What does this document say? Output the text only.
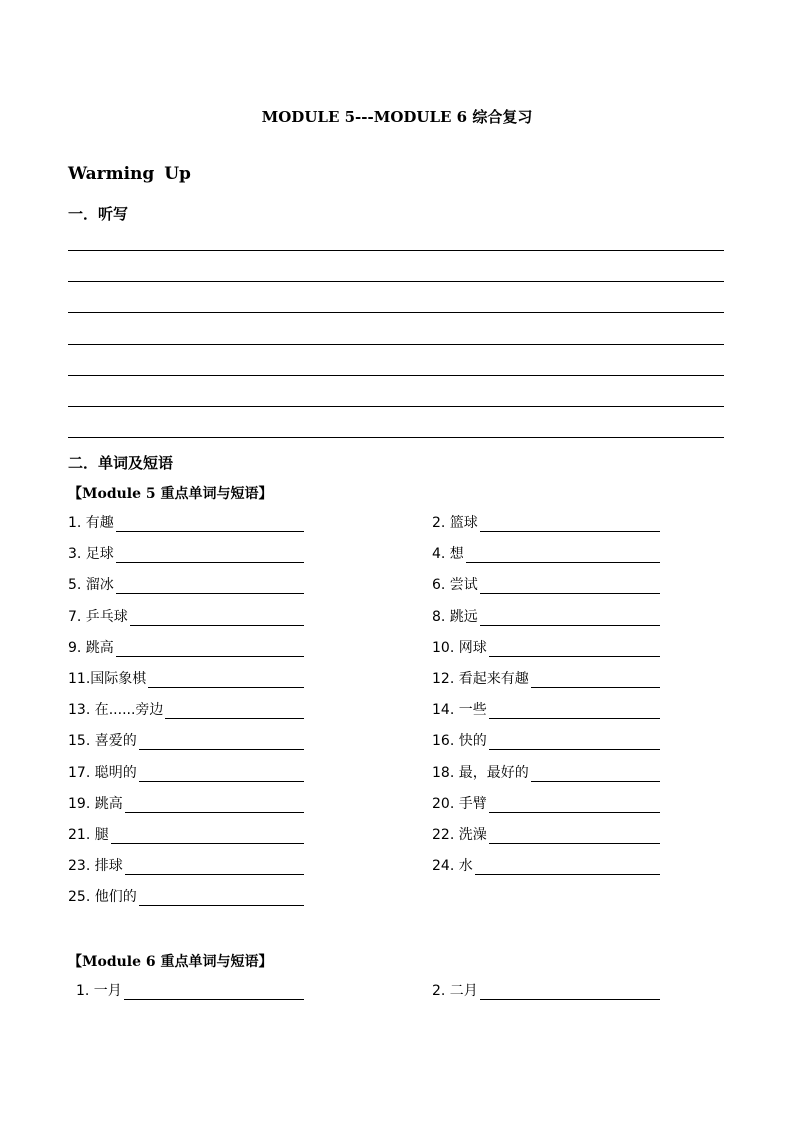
MODULE 5---MODULE 6 综合复习
Warming Up
一．听写
二．单词及短语
【Module 5 重点单词与短语】
1. 有趣	2. 篮球
3. 足球	4. 想
5. 溜冰	6. 尝试
7. 乒乓球	8. 跳远
9. 跳高	10. 网球
11.国际象棋	12. 看起来有趣
13. 在......旁边	14. 一些
15. 喜爱的	16. 快的
17. 聪明的	18. 最，最好的
19. 跳高	20. 手臂
21. 腿	22. 洗澡
23. 排球	24. 水
25. 他们的
【Module 6 重点单词与短语】
1. 一月	2. 二月
